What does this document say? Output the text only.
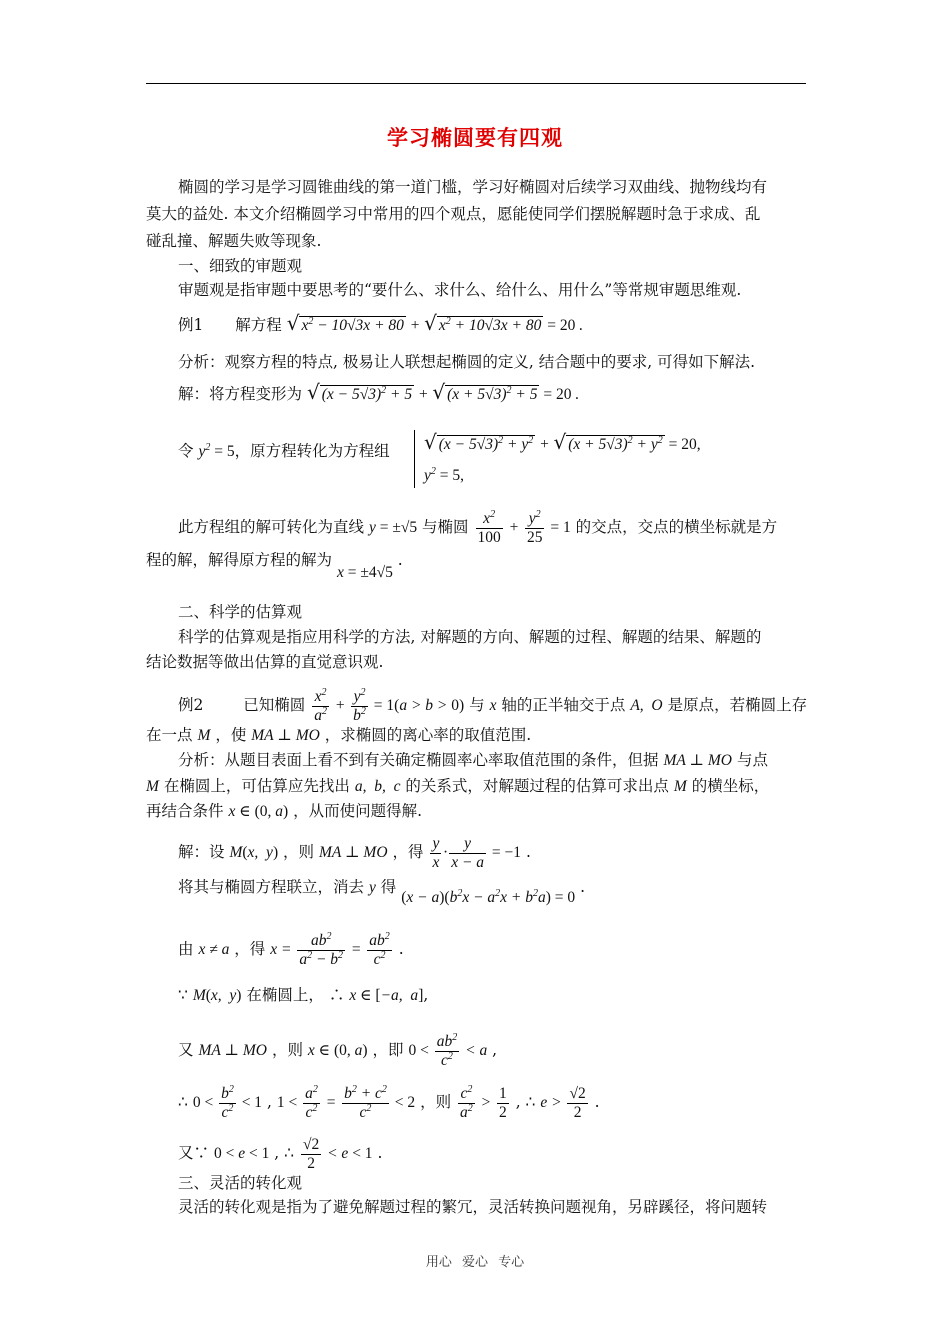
学习椭圆要有四观
椭圆的学习是学习圆锥曲线的第一道门槛，学习好椭圆对后续学习双曲线、抛物线均有
莫大的益处. 本文介绍椭圆学习中常用的四个观点，愿能使同学们摆脱解题时急于求成、乱
碰乱撞、解题失败等现象.
一、细致的审题观
审题观是指审题中要思考的“要什么、求什么、给什么、用什么”等常规审题思维观.
例1 解方程 √ $x^2 - 10√3x + 80$ + √ $x^2 + 10√3x + 80 = 20$ .
分析：观察方程的特点, 极易让人联想起椭圆的定义, 结合题中的要求, 可得如下解法.
解：将方程变形为 √ $(x - 5√3)^2 + 5$ + √ $(x + 5√3)^2 + 5 = 20$ .
令 $y^2 = 5$，原方程转化为方程组 √ $(x - 5√3)^2 + y^2$ + √ $(x + 5√3)^2 + y^2 = 20$,
$y^2 = 5$,
此方程组的解可转化为直线 y = ±√5 与椭圆 $\frac{x^2}{100} + \frac{y^2}{25} = 1$ 的交点，交点的横坐标就是方
程的解，解得原方程的解为 x = ±4√5 .
二、科学的估算观
科学的估算观是指应用科学的方法, 对解题的方向、解题的过程、解题的结果、解题的
结论数据等做出估算的直觉意识观.
例2	已知椭圆 $\frac{x^2}{a^2} + \frac{y^2}{b^2} = 1(a > b > 0)$ 与 x 轴的正半轴交于点 A,  O 是原点，若椭圆上存
在一点 M ，使 MA ⊥ MO ，求椭圆的离心率的取值范围.
分析：从题目表面上看不到有关确定椭圆率心率取值范围的条件，但据 MA ⊥ MO 与点
M 在椭圆上，可估算应先找出 a,  b,  c 的关系式，对解题过程的估算可求出点 M 的横坐标，
再结合条件 x ∈ (0, a) ，从而使问题得解.
解：设 M(x,  y) ，则 MA ⊥ MO ，得 $\frac{y}{x} \cdot \frac{y}{x - a} = -1$ .
将其与椭圆方程联立，消去 y 得 $(x - a)(b^2x - a^2x + b^2a) = 0$ .
由 x ≠ a ，得 $x = \frac{ab^2}{a^2 - b^2} = \frac{ab^2}{c^2}$ .
∵ M(x,  y) 在椭圆上， ∴ x ∈ [−a,  a],
又 MA ⊥ MO ，则 x ∈ (0, a) ，即 $0 < \frac{ab^2}{c^2} < a$ ,
∴ $0 < \frac{b^2}{c^2} < 1$ , $1 < \frac{a^2}{c^2} = \frac{b^2 + c^2}{c^2} < 2$ ，则 $\frac{c^2}{a^2} > \frac{1}{2}$ , ∴ $e > \frac{√2}{2}$ .
又∵ 0 < e < 1 , ∴ $\frac{√2}{2} < e < 1$ .
三、灵活的转化观
灵活的转化观是指为了避免解题过程的繁冗，灵活转换问题视角，另辟蹊径，将问题转
用心 爱心 专心
